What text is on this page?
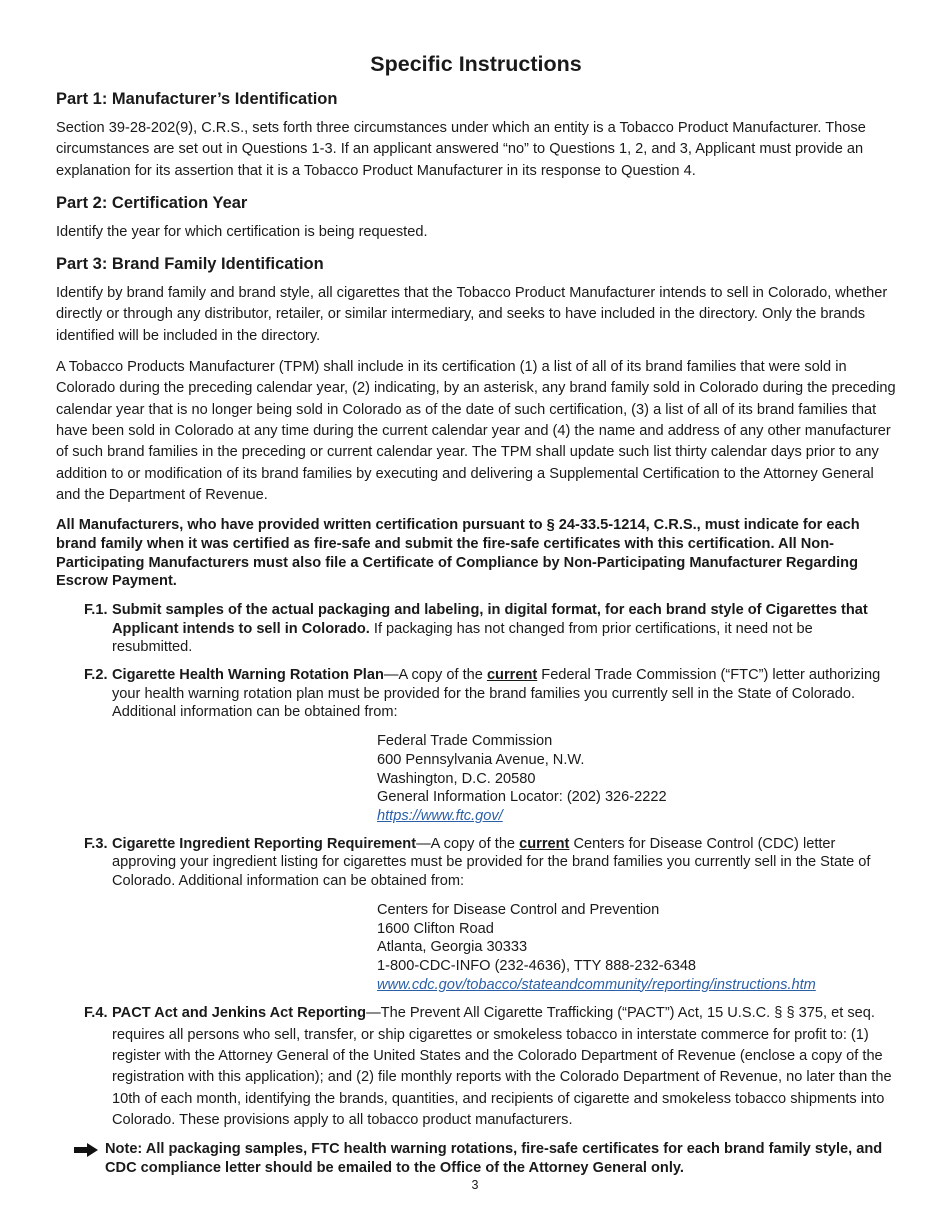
Specific Instructions
Part 1: Manufacturer’s Identification

Section 39-28-202(9), C.R.S., sets forth three circumstances under which an entity is a Tobacco Product Manufacturer. Those circumstances are set out in Questions 1-3. If an applicant answered “no” to Questions 1, 2, and 3, Applicant must provide an explanation for its assertion that it is a Tobacco Product Manufacturer in its response to Question 4.

Part 2: Certification Year

Identify the year for which certification is being requested.

Part 3: Brand Family Identification

Identify by brand family and brand style, all cigarettes that the Tobacco Product Manufacturer intends to sell in Colorado, whether directly or through any distributor, retailer, or similar intermediary, and seeks to have included in the directory. Only the brands identified will be included in the directory.

A Tobacco Products Manufacturer (TPM) shall include in its certification (1) a list of all of its brand families that were sold in Colorado during the preceding calendar year, (2) indicating, by an asterisk, any brand family sold in Colorado during the preceding calendar year that is no longer being sold in Colorado as of the date of such certification, (3) a list of all of its brand families that have been sold in Colorado at any time during the current calendar year and (4) the name and address of any other manufacturer of such brand families in the preceding or current calendar year. The TPM shall update such list thirty calendar days prior to any addition to or modification of its brand families by executing and delivering a Supplemental Certification to the Attorney General and the Department of Revenue.

All Manufacturers, who have provided written certification pursuant to § 24-33.5-1214, C.R.S., must indicate for each brand family when it was certified as fire-safe and submit the fire-safe certificates with this certification. All Non-Participating Manufacturers must also file a Certificate of Compliance by Non-Participating Manufacturer Regarding Escrow Payment.

F.1. Submit samples of the actual packaging and labeling, in digital format, for each brand style of Cigarettes that Applicant intends to sell in Colorado. If packaging has not changed from prior certifications, it need not be resubmitted.
F.2. Cigarette Health Warning Rotation Plan—A copy of the current Federal Trade Commission (“FTC”) letter authorizing your health warning rotation plan must be provided for the brand families you currently sell in the State of Colorado. Additional information can be obtained from:
Federal Trade Commission
600 Pennsylvania Avenue, N.W.
Washington, D.C. 20580
General Information Locator: (202) 326-2222
https://www.ftc.gov/
F.3. Cigarette Ingredient Reporting Requirement—A copy of the current Centers for Disease Control (CDC) letter approving your ingredient listing for cigarettes must be provided for the brand families you currently sell in the State of Colorado. Additional information can be obtained from:
Centers for Disease Control and Prevention
1600 Clifton Road
Atlanta, Georgia 30333
1-800-CDC-INFO (232-4636), TTY 888-232-6348
www.cdc.gov/tobacco/stateandcommunity/reporting/instructions.htm
F.4. PACT Act and Jenkins Act Reporting—The Prevent All Cigarette Trafficking (“PACT”) Act, 15 U.S.C. § § 375, et seq. requires all persons who sell, transfer, or ship cigarettes or smokeless tobacco in interstate commerce for profit to: (1) register with the Attorney General of the United States and the Colorado Department of Revenue (enclose a copy of the registration with this application); and (2) file monthly reports with the Colorado Department of Revenue, no later than the 10th of each month, identifying the brands, quantities, and recipients of cigarette and smokeless tobacco shipments into Colorado. These provisions apply to all tobacco product manufacturers.
Note: All packaging samples, FTC health warning rotations, fire-safe certificates for each brand family style, and CDC compliance letter should be emailed to the Office of the Attorney General only.
3
